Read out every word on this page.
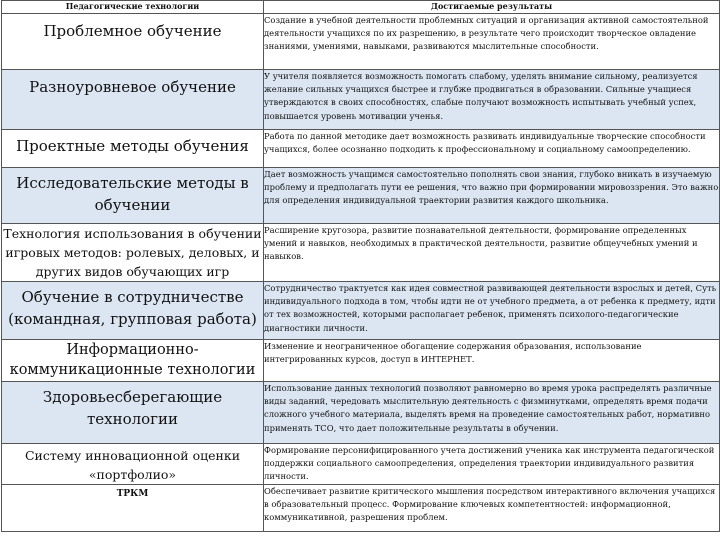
Педагогические технологии	Достигаемые результаты
Проблемное обучение	Создание в учебной деятельности проблемных ситуаций и организация активной самостоятельной деятельности учащихся по их разрешению, в результате чего происходит творческое овладение знаниями, умениями, навыками, развиваются мыслительные способности.
Разноуровневое обучение	У учителя появляется возможность помогать слабому, уделять внимание сильному, реализуется желание сильных учащихся быстрее и глубже продвигаться в образовании. Сильные учащиеся утверждаются в своих способностях, слабые получают возможность испытывать учебный успех, повышается уровень мотивации ученья.
Проектные методы обучения	Работа по данной методике дает возможность развивать индивидуальные творческие способности учащихся, более осознанно подходить к профессиональному и социальному самоопределению.
Исследовательские методы в обучении	Дает возможность учащимся самостоятельно пополнять свои знания, глубоко вникать в изучаемую проблему и предполагать пути ее решения, что важно при формировании мировоззрения. Это важно для определения индивидуальной траектории развития каждого школьника.
Технология использования в обучении игровых методов: ролевых, деловых, и других видов обучающих игр	Расширение кругозора, развитие познавательной деятельности, формирование определенных умений и навыков, необходимых в практической деятельности, развитие общеучебных умений и навыков.
Обучение в сотрудничестве (командная, групповая работа)	Сотрудничество трактуется как идея совместной развивающей деятельности взрослых и детей, Суть индивидуального подхода в том, чтобы идти не от учебного предмета, а от ребенка к предмету, идти от тех возможностей, которыми располагает ребенок, применять психолого-педагогические диагностики личности.
Информационно-коммуникационные технологии	Изменение и неограниченное обогащение содержания образования, использование интегрированных курсов, доступ в ИНТЕРНЕТ.
Здоровьесберегающие технологии	Использование данных технологий позволяют равномерно во время урока распределять различные виды заданий, чередовать мыслительную деятельность с физминутками, определять время подачи сложного учебного материала, выделять время на проведение самостоятельных работ, нормативно применять ТСО, что дает положительные результаты в обучении.
Систему инновационной оценки «портфолио»	Формирование персонифицированного учета достижений ученика как инструмента педагогической поддержки социального самоопределения, определения траектории индивидуального развития личности.
ТРКМ	Обеспечивает развитие критического мышления посредством интерактивного включения учащихся в образовательный процесс. Формирование ключевых компетентностей: информационной, коммуникативной, разрешения проблем.
